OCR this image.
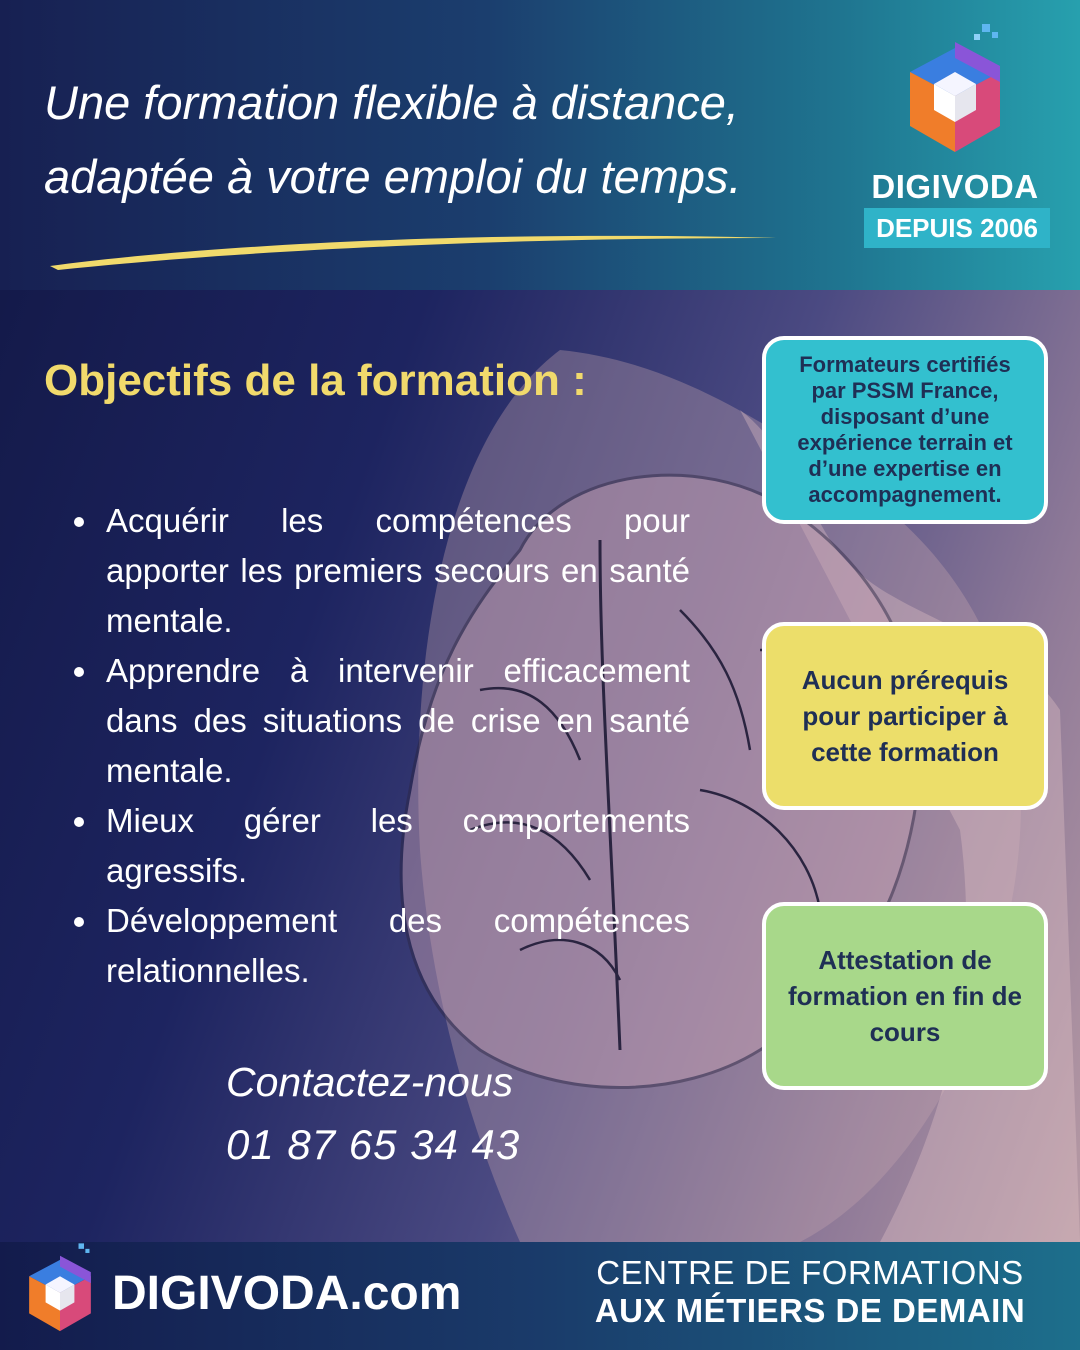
Une formation flexible à distance,
adaptée à votre emploi du temps.	DIGIVODA
DEPUIS 2006
Objectifs de la formation :
Acquérir les compétences pour apporter les premiers secours en santé mentale.
Apprendre à intervenir efficacement dans des situations de crise en santé mentale.
Mieux gérer les comportements agressifs.
Développement des compétences relationnelles.
Contactez-nous
01 87 65 34 43
Formateurs certifiés par PSSM France, disposant d’une expérience terrain et d’une expertise en accompagnement.
Aucun prérequis pour participer à cette formation
Attestation de formation en fin de cours
DIGIVODA.com	CENTRE DE FORMATIONS
AUX MÉTIERS DE DEMAIN
